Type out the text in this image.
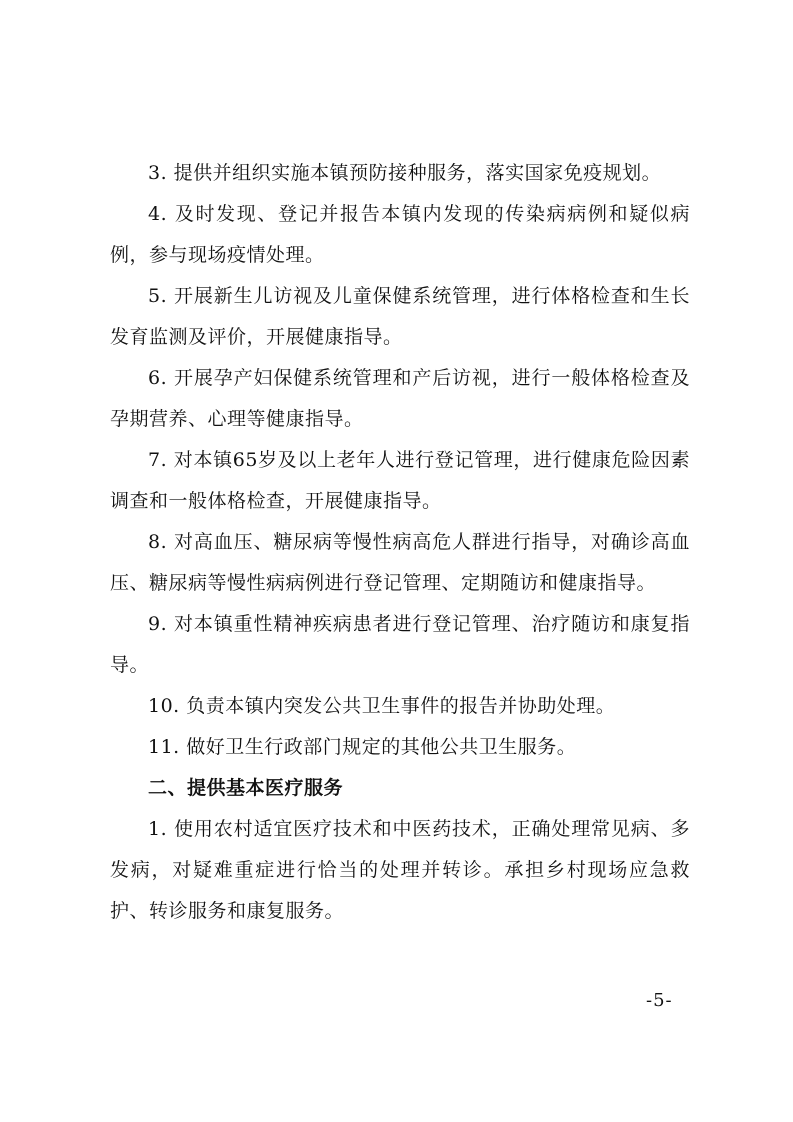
3. 提供并组织实施本镇预防接种服务，落实国家免疫规划。

4. 及时发现、登记并报告本镇内发现的传染病病例和疑似病例，参与现场疫情处理。

5. 开展新生儿访视及儿童保健系统管理，进行体格检查和生长发育监测及评价，开展健康指导。

6. 开展孕产妇保健系统管理和产后访视，进行一般体格检查及孕期营养、心理等健康指导。

7. 对本镇65岁及以上老年人进行登记管理，进行健康危险因素调查和一般体格检查，开展健康指导。

8. 对高血压、糖尿病等慢性病高危人群进行指导，对确诊高血压、糖尿病等慢性病病例进行登记管理、定期随访和健康指导。

9. 对本镇重性精神疾病患者进行登记管理、治疗随访和康复指导。

10. 负责本镇内突发公共卫生事件的报告并协助处理。

11. 做好卫生行政部门规定的其他公共卫生服务。

二、提供基本医疗服务

1. 使用农村适宜医疗技术和中医药技术，正确处理常见病、多发病，对疑难重症进行恰当的处理并转诊。承担乡村现场应急救护、转诊服务和康复服务。

-5-
